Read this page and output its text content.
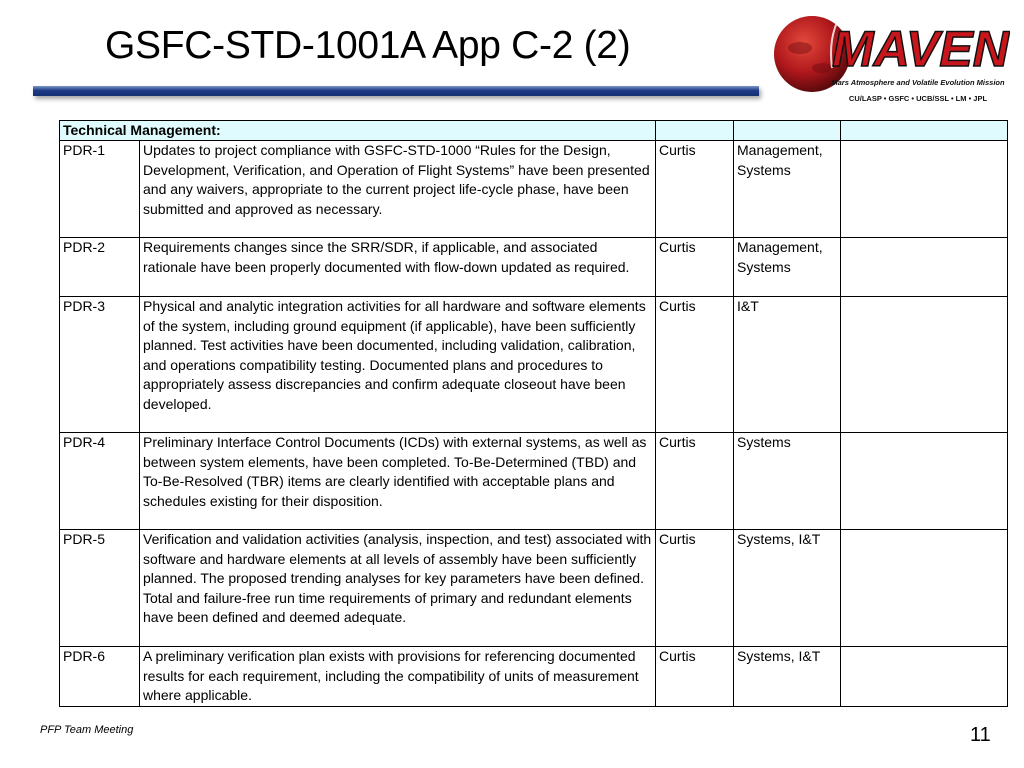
GSFC-STD-1001A App C-2 (2)	MAVEN
Mars Atmosphere and Volatile Evolution Mission
CU/LASP • GSFC • UCB/SSL • LM • JPL
Technical Management:				
PDR-1	Updates to project compliance with GSFC-STD-1000 “Rules for the Design, Development, Verification, and Operation of Flight Systems” have been presented and any waivers, appropriate to the current project life-cycle phase, have been submitted and approved as necessary.	Curtis	Management, Systems	
PDR-2	Requirements changes since the SRR/SDR, if applicable, and associated rationale have been properly documented with flow-down updated as required.	Curtis	Management, Systems	
PDR-3	Physical and analytic integration activities for all hardware and software elements of the system, including ground equipment (if applicable), have been sufficiently planned. Test activities have been documented, including validation, calibration, and operations compatibility testing. Documented plans and procedures to appropriately assess discrepancies and confirm adequate closeout have been developed.	Curtis	I&T	
PDR-4	Preliminary Interface Control Documents (ICDs) with external systems, as well as between system elements, have been completed. To-Be-Determined (TBD) and To-Be-Resolved (TBR) items are clearly identified with acceptable plans and schedules existing for their disposition.	Curtis	Systems	
PDR-5	Verification and validation activities (analysis, inspection, and test) associated with software and hardware elements at all levels of assembly have been sufficiently planned. The proposed trending analyses for key parameters have been defined. Total and failure-free run time requirements of primary and redundant elements have been defined and deemed adequate.	Curtis	Systems, I&T	
PDR-6	A preliminary verification plan exists with provisions for referencing documented results for each requirement, including the compatibility of units of measurement where applicable.	Curtis	Systems, I&T	
PFP Team Meeting	11
